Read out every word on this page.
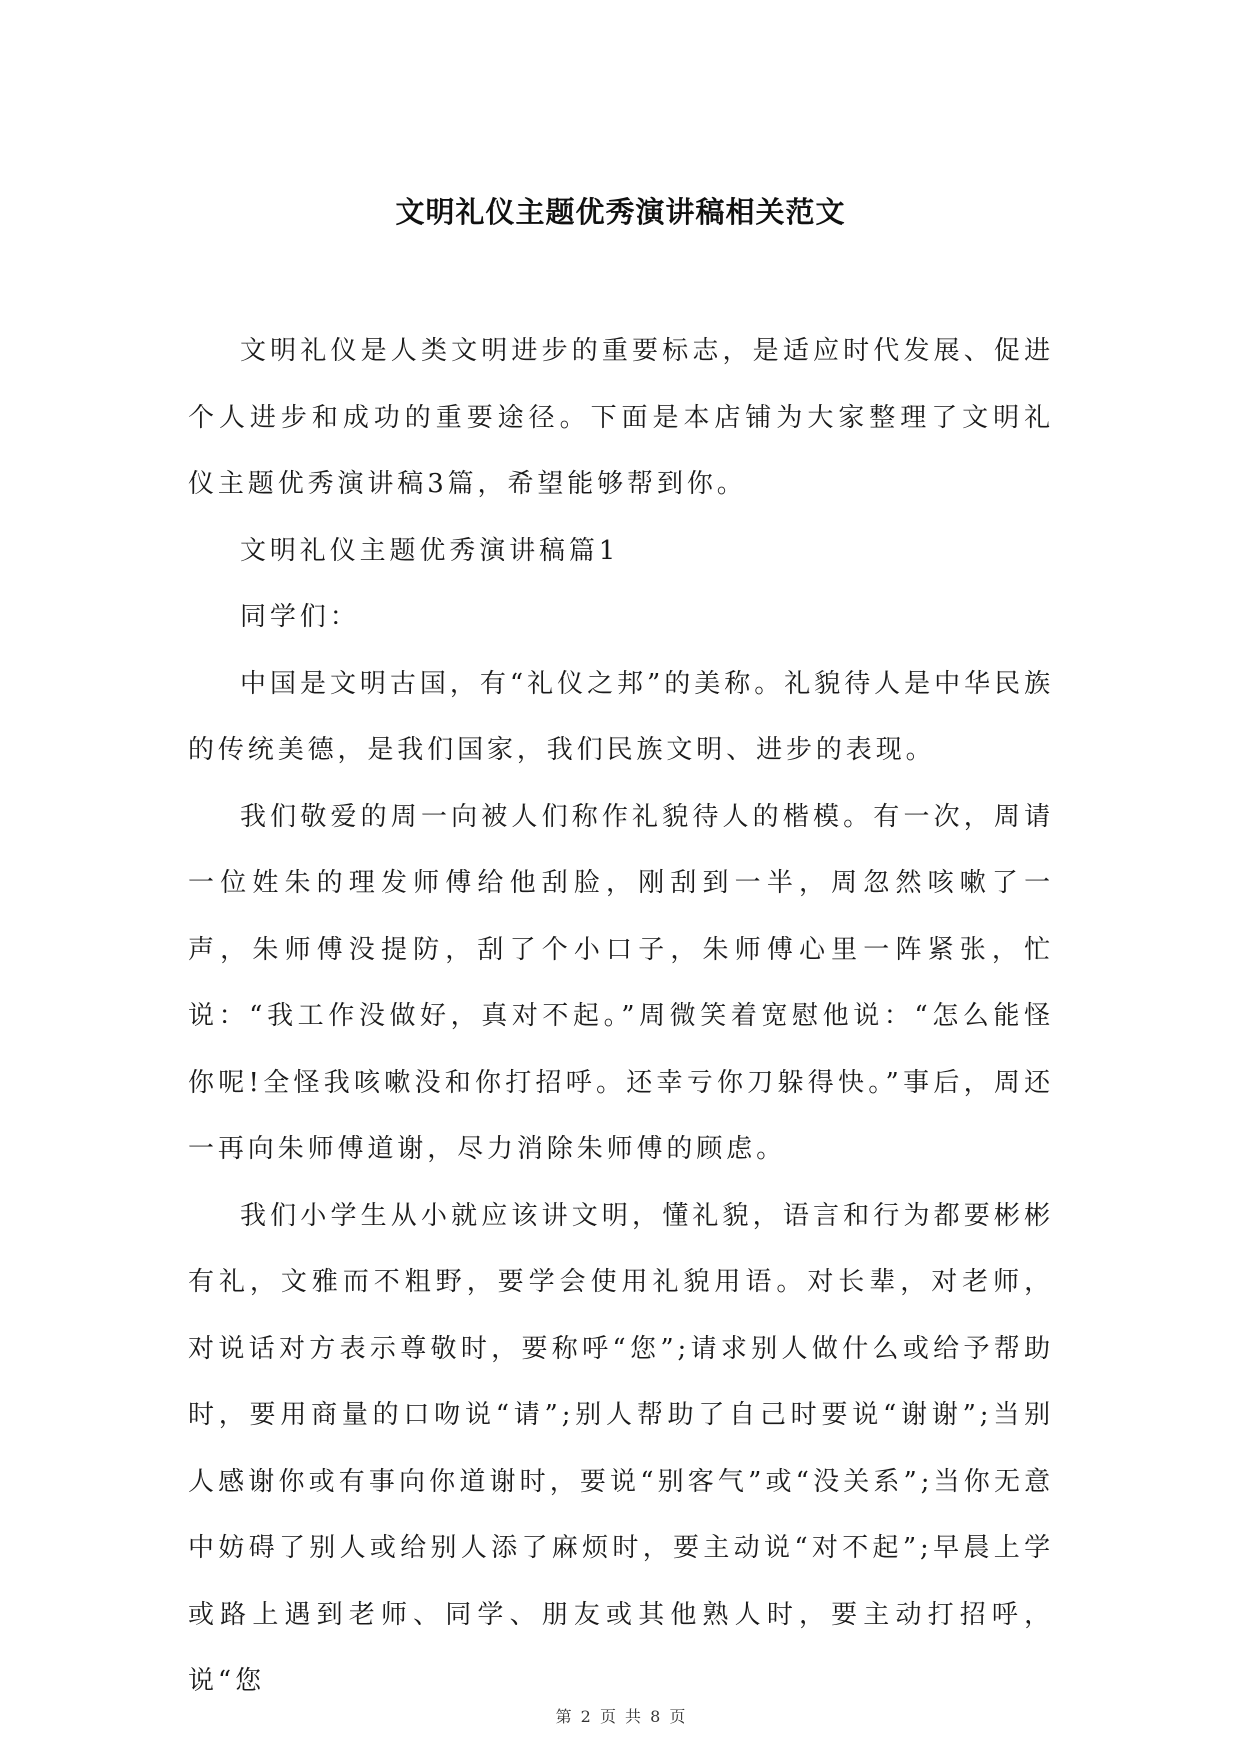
文明礼仪主题优秀演讲稿相关范文

文明礼仪是人类文明进步的重要标志，是适应时代发展、促进个人进步和成功的重要途径。下面是本店铺为大家整理了文明礼仪主题优秀演讲稿3篇，希望能够帮到你。

文明礼仪主题优秀演讲稿篇1

同学们：

中国是文明古国，有“礼仪之邦”的美称。礼貌待人是中华民族的传统美德，是我们国家，我们民族文明、进步的表现。

我们敬爱的周一向被人们称作礼貌待人的楷模。有一次，周请一位姓朱的理发师傅给他刮脸，刚刮到一半，周忽然咳嗽了一声，朱师傅没提防，刮了个小口子，朱师傅心里一阵紧张，忙说：“我工作没做好，真对不起。”周微笑着宽慰他说：“怎么能怪你呢!全怪我咳嗽没和你打招呼。还幸亏你刀躲得快。”事后，周还一再向朱师傅道谢，尽力消除朱师傅的顾虑。

我们小学生从小就应该讲文明，懂礼貌，语言和行为都要彬彬有礼，文雅而不粗野，要学会使用礼貌用语。对长辈，对老师，对说话对方表示尊敬时，要称呼“您”;请求别人做什么或给予帮助时，要用商量的口吻说“请”;别人帮助了自己时要说“谢谢”;当别人感谢你或有事向你道谢时，要说“别客气”或“没关系”;当你无意中妨碍了别人或给别人添了麻烦时，要主动说“对不起”;早晨上学或路上遇到老师、同学、朋友或其他熟人时，要主动打招呼，说“您

第 2 页 共 8 页
